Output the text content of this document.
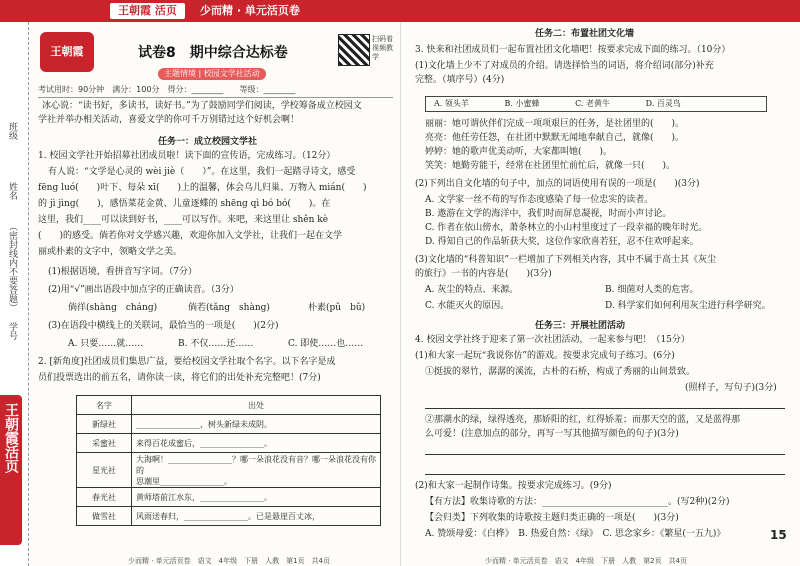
王朝霞 活页	少而精 · 单元活页卷
班级
姓名
（密封线内不要答题）
学号
王朝霞活页
王朝霞	试卷8　期中综合达标卷
扫码看视频教学
主题情境 | 校园文学社活动
考试用时：90分钟　满分：100分　得分：________　　等级：________
冰心说：“读书好，多读书，读好书。”为了鼓励同学们阅读，学校筹备成立校园文
学社并举办相关活动，喜爱文学的你可千万别错过这个好机会啊！
任务一：成立校园文学社
1. 校园文学社开始招募社团成员啦！读下面的宣传语，完成练习。（12分）
有人说：“文学是心灵的 wèi jiè（　　）”。在这里，我们一起踏寻诗文，感受
fēng luó(　　)叶下、每朵 xī(　　)上的温馨，体会乌儿归巢、万物入 mián(　　)
的 jì jìng(　　)，感悟菜花金黄、儿童逐蝶的 shēng qì bó bó(　　)。在
这里，我们____可以读到好书，____可以写作。来吧，来这里让 shěn kè
(　　)的感受。倘若你对文学感兴趣，欢迎你加入文学社，让我们一起在文学
丽或朴素的文字中，领略文学之美。
(1)根据语境，看拼音写字词。（7分）
(2)用“√”画出语段中加点字的正确读音。（3分）
倘徉(shàng　cháng)	倘若(tǎng　shàng)	朴素(pǔ　bǔ)
(3)在语段中横线上的关联词，最恰当的一项是(　　)(2分)
A. 只要……就……	B. 不仅……还……	C. 即使……也……
2. [新角度]社团成员们集思广益，要给校园文学社取个名字。以下名字是成
员们投票选出的前五名，请你读一读，将它们的出处补充完整吧！(7分)
名字	出处
新绿社	________________，树头新绿未成阴。
采蜜社	来得百花成蜜后，________________。
星光社	大海啊！________________？哪一朵浪花没有音？哪一朵浪花没有你的
思潮里________________。
春光社	黄师塔前江水东，________________。
做雪社	风雨送春归，________________。已是悬崖百丈冰，
少而精 · 单元活页卷　语文　4年级　下册　人教　第1页　共4页
任务二：布置社团文化墙
3. 快来和社团成员们一起布置社团文化墙吧！按要求完成下面的练习。（10分）
(1)文化墙上少不了对成员的介绍。请选择恰当的词语，将介绍词(部分)补充
完整。（填序号）(4分)
A. 领头羊	B. 小蜜蜂	C. 老黄牛	D. 百灵鸟
丽丽：她可谓伙伴们完成一项项艰巨的任务，是社团里的(　　)。
亮亮：他任劳任怨，在社团中默默无闻地奉献自己，就像(　　)。
婷婷：她的歌声优美动听，大家都叫她(　　)。
笑笑：她勤劳能干，经常在社团里忙前忙后，就像一只(　　)。
(2)下列出自文化墙的句子中，加点的词语使用有误的一项是(　　)(3分)
A. 文学家一丝不苟的写作态度感染了每一位忠实的读者。
B. 遨游在文学的海洋中，我们时而屏息凝视，时而小声讨论。
C. 作者在依山傍水，萧条林立的小山村里度过了一段幸福的晚年时光。
D. 得知自己的作品斩获大奖，这位作家欣喜若狂，忍不住欢呼起来。
(3)文化墙的“科普知识”一栏增加了下列相关内容，其中不属于高士其《灰尘
的旅行》一书的内容是(　　)(3分)
A. 灰尘的特点、来源。	B. 细菌对人类的危害。
C. 水能灭火的原因。	D. 科学家们如何利用灰尘进行科学研究。
任务三：开展社团活动
4. 校园文学社终于迎来了第一次社团活动，一起来参与吧！（15分）
(1)和大家一起玩“我说你仿”的游戏。按要求完成句子练习。(6分)
①挺拔的翠竹，潺潺的溪流，古朴的石桥，构成了秀丽的山间景致。
(照样子，写句子)(3分)
②那潮水的绿，绿得透亮，那娇阳的红，红得娇羞；而那天空的蓝，又是蓝得那
么可爱！(注意加点的部分，再写一写其他描写颜色的句子)(3分)
(2)和大家一起制作诗集。按要求完成练习。(9分)
【有方法】收集诗歌的方法：____________________________。(写2种)(2分)
【会归类】下列收集的诗歌按主题归类正确的一项是(　　)(3分)
A. 赞颂母爱：《白桦》　B. 热爱自然：《绿》　C. 思念家乡：《繁星(一五九)》
少而精 · 单元活页卷　语文　4年级　下册　人教　第2页　共4页
15
